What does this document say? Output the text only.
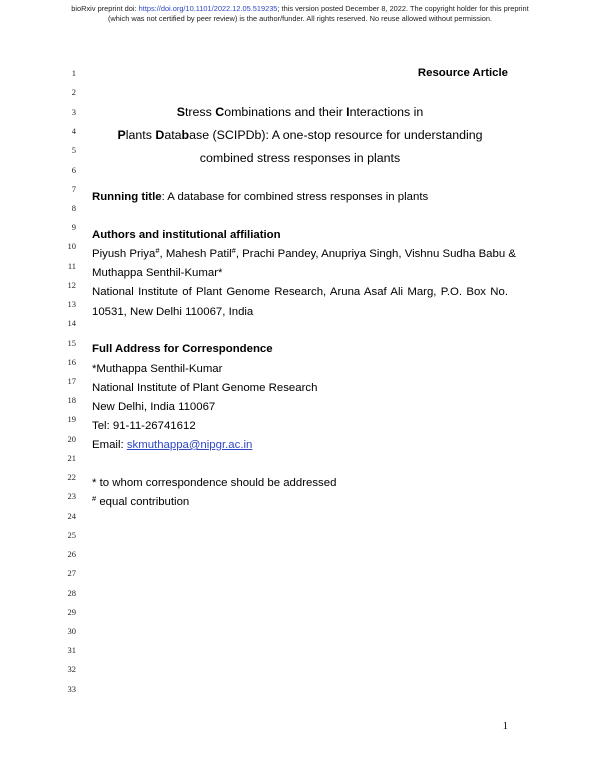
bioRxiv preprint doi: https://doi.org/10.1101/2022.12.05.519235; this version posted December 8, 2022. The copyright holder for this preprint
(which was not certified by peer review) is the author/funder. All rights reserved. No reuse allowed without permission.
1
2
3
4
5
6
7
8
9
10
11
12
13
14
15
16
17
18
19
20
21
22
23
24
25
26
27
28
29
30
31
32
33
Resource Article
Stress Combinations and their Interactions in
Plants Database (SCIPDb): A one-stop resource for understanding
combined stress responses in plants
Running title: A database for combined stress responses in plants
Authors and institutional affiliation
Piyush Priya#, Mahesh Patil#, Prachi Pandey, Anupriya Singh, Vishnu Sudha Babu &
Muthappa Senthil-Kumar*
National Institute of Plant Genome Research, Aruna Asaf Ali Marg, P.O. Box No.
10531, New Delhi 110067, India
Full Address for Correspondence
*Muthappa Senthil-Kumar
National Institute of Plant Genome Research
New Delhi, India 110067
Tel: 91-11-26741612
Email: skmuthappa@nipgr.ac.in
* to whom correspondence should be addressed
# equal contribution
1
